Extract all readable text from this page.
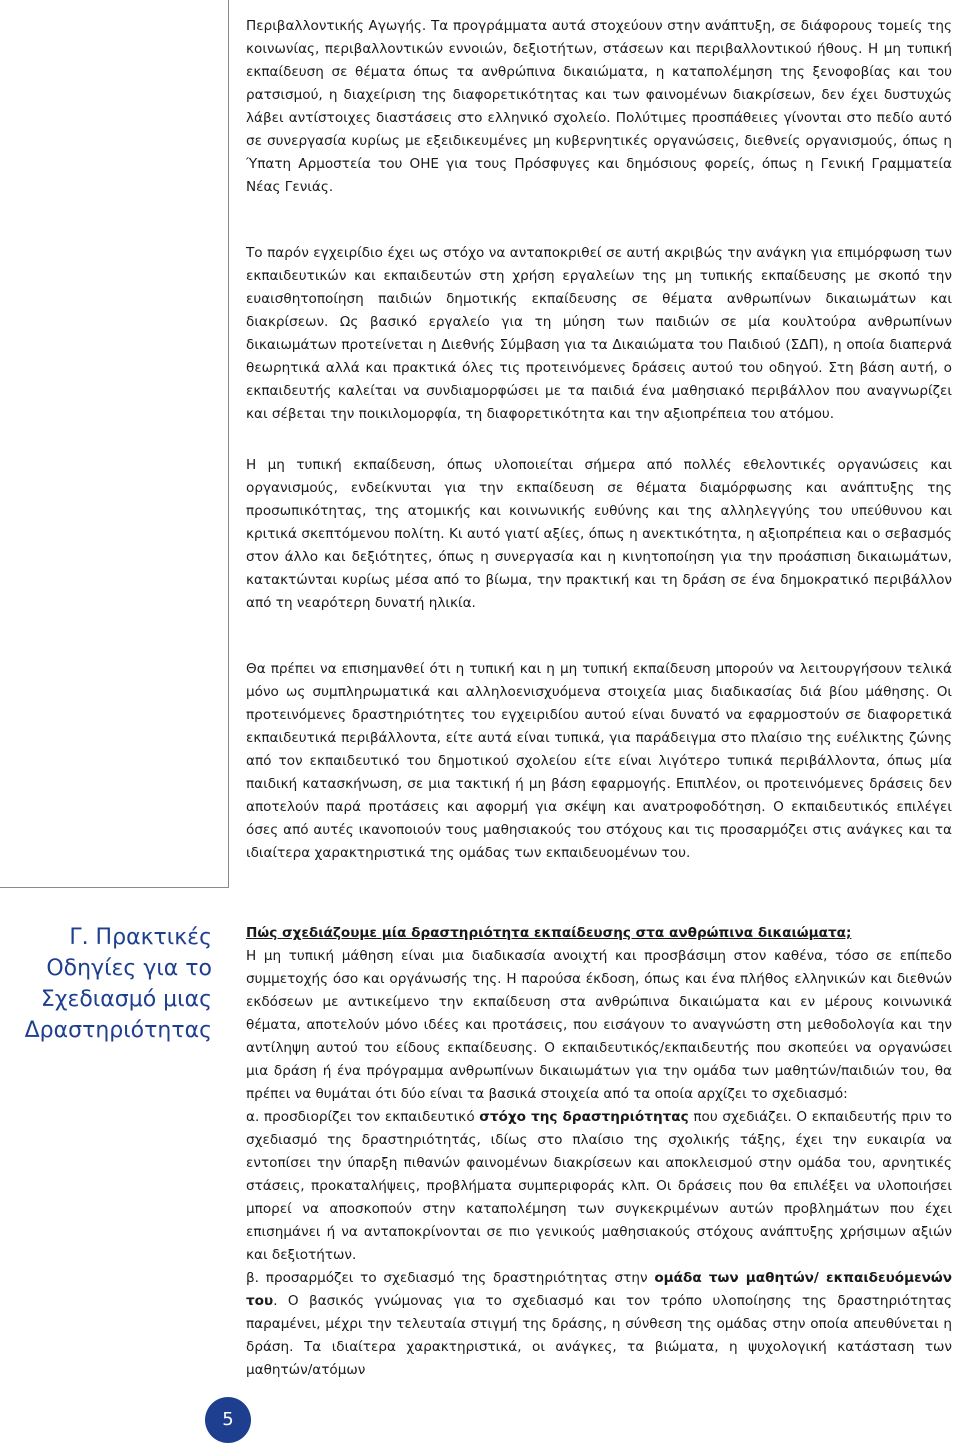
Περιβαλλοντικής Αγωγής. Τα προγράμματα αυτά στοχεύουν στην ανάπτυξη, σε διάφορους τομείς της κοινωνίας, περιβαλλοντικών εννοιών, δεξιοτήτων, στάσεων και περιβαλλοντικού ήθους. Η μη τυπική εκπαίδευση σε θέματα όπως τα ανθρώπινα δικαιώματα, η καταπολέμηση της ξενοφοβίας και του ρατσισμού, η διαχείριση της διαφορετικότητας και των φαινομένων διακρίσεων, δεν έχει δυστυχώς λάβει αντίστοιχες διαστάσεις στο ελληνικό σχολείο. Πολύτιμες προσπάθειες γίνονται στο πεδίο αυτό σε συνεργασία κυρίως με εξειδικευμένες μη κυβερνητικές οργανώσεις, διεθνείς οργανισμούς, όπως η Ύπατη Αρμοστεία του ΟΗΕ για τους Πρόσφυγες και δημόσιους φορείς, όπως η Γενική Γραμματεία Νέας Γενιάς.

Το παρόν εγχειρίδιο έχει ως στόχο να ανταποκριθεί σε αυτή ακριβώς την ανάγκη για επιμόρφωση των εκπαιδευτικών και εκπαιδευτών στη χρήση εργαλείων της μη τυπικής εκπαίδευσης με σκοπό την ευαισθητοποίηση παιδιών δημοτικής εκπαίδευσης σε θέματα ανθρωπίνων δικαιωμάτων και διακρίσεων. Ως βασικό εργαλείο για τη μύηση των παιδιών σε μία κουλτούρα ανθρωπίνων δικαιωμάτων προτείνεται η Διεθνής Σύμβαση για τα Δικαιώματα του Παιδιού (ΣΔΠ), η οποία διαπερνά θεωρητικά αλλά και πρακτικά όλες τις προτεινόμενες δράσεις αυτού του οδηγού. Στη βάση αυτή, ο εκπαιδευτής καλείται να συνδιαμορφώσει με τα παιδιά ένα μαθησιακό περιβάλλον που αναγνωρίζει και σέβεται την ποικιλομορφία, τη διαφορετικότητα και την αξιοπρέπεια του ατόμου.

Η μη τυπική εκπαίδευση, όπως υλοποιείται σήμερα από πολλές εθελοντικές οργανώσεις και οργανισμούς, ενδείκνυται για την εκπαίδευση σε θέματα διαμόρφωσης και ανάπτυξης της προσωπικότητας, της ατομικής και κοινωνικής ευθύνης και της αλληλεγγύης του υπεύθυνου και κριτικά σκεπτόμενου πολίτη. Κι αυτό γιατί αξίες, όπως η ανεκτικότητα, η αξιοπρέπεια και ο σεβασμός στον άλλο και δεξιότητες, όπως η συνεργασία και η κινητοποίηση για την προάσπιση δικαιωμάτων, κατακτώνται κυρίως μέσα από το βίωμα, την πρακτική και τη δράση σε ένα δημοκρατικό περιβάλλον από τη νεαρότερη δυνατή ηλικία.

Θα πρέπει να επισημανθεί ότι η τυπική και η μη τυπική εκπαίδευση μπορούν να λειτουργήσουν τελικά μόνο ως συμπληρωματικά και αλληλοενισχυόμενα στοιχεία μιας διαδικασίας διά βίου μάθησης. Οι προτεινόμενες δραστηριότητες του εγχειριδίου αυτού είναι δυνατό να εφαρμοστούν σε διαφορετικά εκπαιδευτικά περιβάλλοντα, είτε αυτά είναι τυπικά, για παράδειγμα στο πλαίσιο της ευέλικτης ζώνης από τον εκπαιδευτικό του δημοτικού σχολείου είτε είναι λιγότερο τυπικά περιβάλλοντα, όπως μία παιδική κατασκήνωση, σε μια τακτική ή μη βάση εφαρμογής. Επιπλέον, οι προτεινόμενες δράσεις δεν αποτελούν παρά προτάσεις και αφορμή για σκέψη και ανατροφοδότηση. Ο εκπαιδευτικός επιλέγει όσες από αυτές ικανοποιούν τους μαθησιακούς του στόχους και τις προσαρμόζει στις ανάγκες και τα ιδιαίτερα χαρακτηριστικά της ομάδας των εκπαιδευομένων του.

Γ. Πρακτικές
Οδηγίες για το
Σχεδιασμό μιας
Δραστηριότητας

Πώς σχεδιάζουμε μία δραστηριότητα εκπαίδευσης στα ανθρώπινα δικαιώματα;

Η μη τυπική μάθηση είναι μια διαδικασία ανοιχτή και προσβάσιμη στον καθένα, τόσο σε επίπεδο συμμετοχής όσο και οργάνωσής της. Η παρούσα έκδοση, όπως και ένα πλήθος ελληνικών και διεθνών εκδόσεων με αντικείμενο την εκπαίδευση στα ανθρώπινα δικαιώματα και εν μέρους κοινωνικά θέματα, αποτελούν μόνο ιδέες και προτάσεις, που εισάγουν το αναγνώστη στη μεθοδολογία και την αντίληψη αυτού του είδους εκπαίδευσης. Ο εκπαιδευτικός/εκπαιδευτής που σκοπεύει να οργανώσει μια δράση ή ένα πρόγραμμα ανθρωπίνων δικαιωμάτων για την ομάδα των μαθητών/παιδιών του, θα πρέπει να θυμάται ότι δύο είναι τα βασικά στοιχεία από τα οποία αρχίζει το σχεδιασμό:

α. προσδιορίζει τον εκπαιδευτικό στόχο της δραστηριότητας που σχεδιάζει. Ο εκπαιδευτής πριν το σχεδιασμό της δραστηριότητάς, ιδίως στο πλαίσιο της σχολικής τάξης, έχει την ευκαιρία να εντοπίσει την ύπαρξη πιθανών φαινομένων διακρίσεων και αποκλεισμού στην ομάδα του, αρνητικές στάσεις, προκαταλήψεις, προβλήματα συμπεριφοράς κλπ. Οι δράσεις που θα επιλέξει να υλοποιήσει μπορεί να αποσκοπούν στην καταπολέμηση των συγκεκριμένων αυτών προβλημάτων που έχει επισημάνει ή να ανταποκρίνονται σε πιο γενικούς μαθησιακούς στόχους ανάπτυξης χρήσιμων αξιών και δεξιοτήτων.

β. προσαρμόζει το σχεδιασμό της δραστηριότητας στην ομάδα των μαθητών/ εκπαιδευόμενών του. Ο βασικός γνώμονας για το σχεδιασμό και τον τρόπο υλοποίησης της δραστηριότητας παραμένει, μέχρι την τελευταία στιγμή της δράσης, η σύνθεση της ομάδας στην οποία απευθύνεται η δράση. Τα ιδιαίτερα χαρακτηριστικά, οι ανάγκες, τα βιώματα, η ψυχολογική κατάσταση των μαθητών/ατόμων

5
